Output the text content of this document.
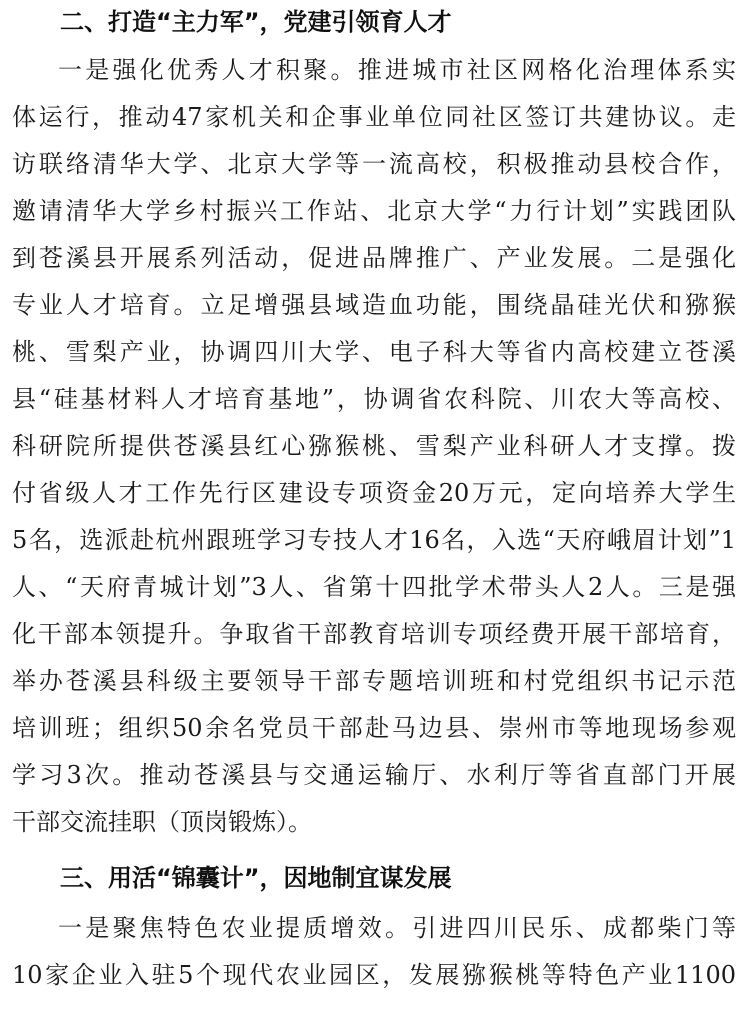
二、打造“主力军”，党建引领育人才
一是强化优秀人才积聚。推进城市社区网格化治理体系实
体运行，推动47家机关和企事业单位同社区签订共建协议。走
访联络清华大学、北京大学等一流高校，积极推动县校合作，
邀请清华大学乡村振兴工作站、北京大学“力行计划”实践团队
到苍溪县开展系列活动，促进品牌推广、产业发展。二是强化
专业人才培育。立足增强县域造血功能，围绕晶硅光伏和猕猴
桃、雪梨产业，协调四川大学、电子科大等省内高校建立苍溪
县“硅基材料人才培育基地”，协调省农科院、川农大等高校、
科研院所提供苍溪县红心猕猴桃、雪梨产业科研人才支撑。拨
付省级人才工作先行区建设专项资金20万元，定向培养大学生
5名，选派赴杭州跟班学习专技人才16名，入选“天府峨眉计划”1
人、“天府青城计划”3人、省第十四批学术带头人2人。三是强
化干部本领提升。争取省干部教育培训专项经费开展干部培育，
举办苍溪县科级主要领导干部专题培训班和村党组织书记示范
培训班；组织50余名党员干部赴马边县、崇州市等地现场参观
学习3次。推动苍溪县与交通运输厅、水利厅等省直部门开展
干部交流挂职（顶岗锻炼）。
三、用活“锦囊计”，因地制宜谋发展
一是聚焦特色农业提质增效。引进四川民乐、成都柴门等
10家企业入驻5个现代农业园区，发展猕猴桃等特色产业1100
